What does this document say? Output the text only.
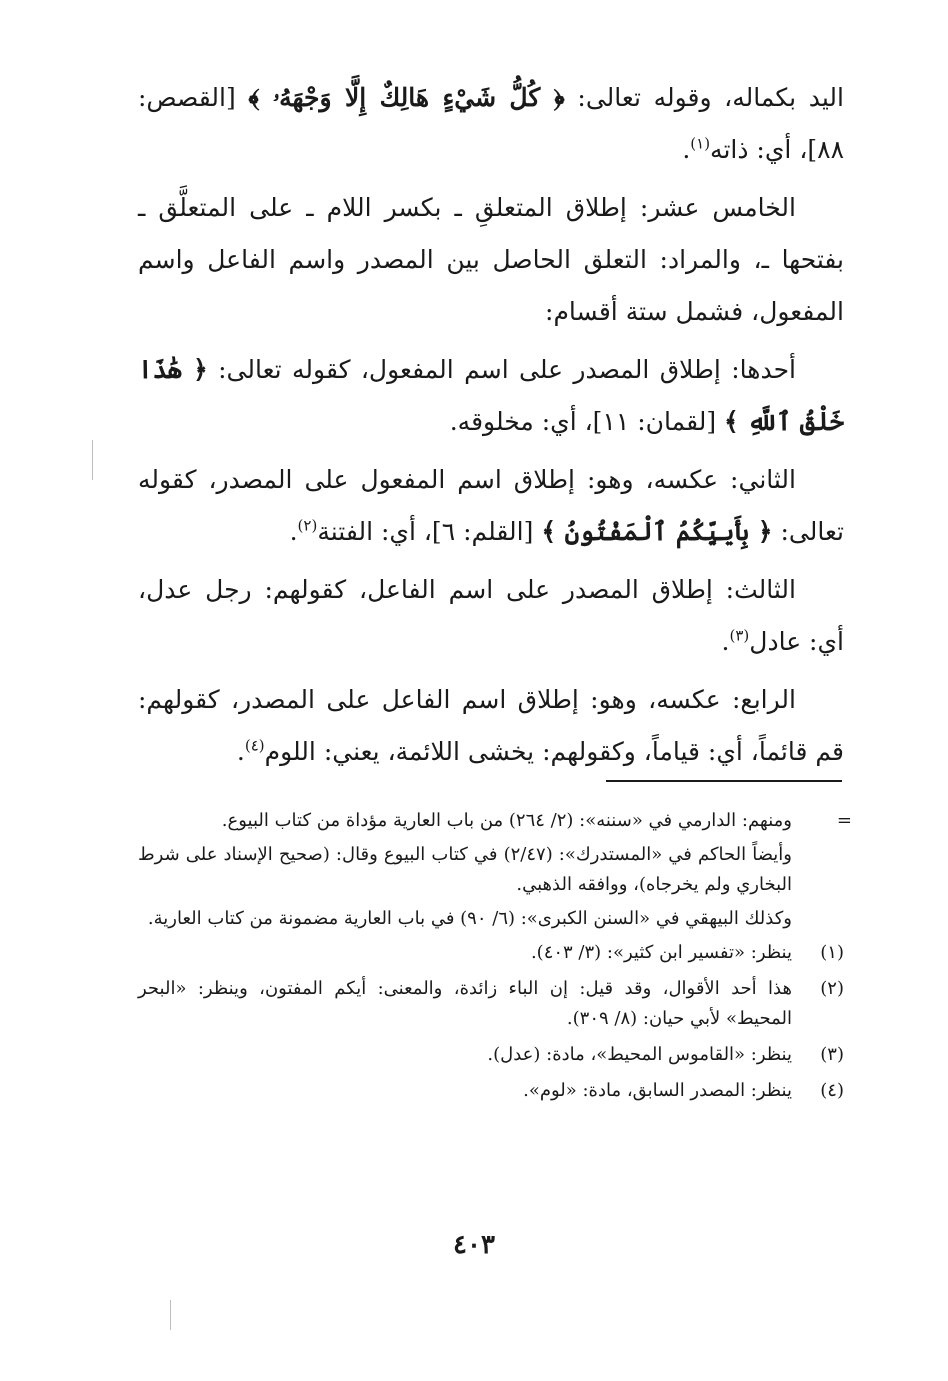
اليد بكماله، وقوله تعالى: ﴿ كُلُّ شَيْءٍ هَالِكٌ إِلَّا وَجْهَهُۥ ﴾ [القصص: ٨٨]، أي: ذاته$^{(١)}$.

الخامس عشر: إطلاق المتعلقِ ـ بكسر اللام ـ على المتعلَّق ـ بفتحها ـ، والمراد: التعلق الحاصل بين المصدر واسم الفاعل واسم المفعول، فشمل ستة أقسام:

أحدها: إطلاق المصدر على اسم المفعول، كقوله تعالى: ﴿ هَٰذَا خَلْقُ ٱللَّهِ ﴾ [لقمان: ١١]، أي: مخلوقه.

الثاني: عكسه، وهو: إطلاق اسم المفعول على المصدر، كقوله تعالى: ﴿ بِأَييِّكُمُ ٱلْمَفْتُونُ ﴾ [القلم: ٦]، أي: الفتنة$^{(٢)}$.

الثالث: إطلاق المصدر على اسم الفاعل، كقولهم: رجل عدل، أي: عادل$^{(٣)}$.

الرابع: عكسه، وهو: إطلاق اسم الفاعل على المصدر، كقولهم: قم قائماً، أي: قياماً، وكقولهم: يخشى اللائمة، يعني: اللوم$^{(٤)}$.

=

ومنهم: الدارمي في «سننه»: (٢/ ٢٦٤) من باب العارية مؤداة من كتاب البيوع.

وأيضاً الحاكم في «المستدرك»: (٢/٤٧) في كتاب البيوع وقال: (صحيح الإسناد على شرط البخاري ولم يخرجاه)، ووافقه الذهبي.

وكذلك البيهقي في «السنن الكبرى»: (٦/ ٩٠) في باب العارية مضمونة من كتاب العارية.

(١)
ينظر: «تفسير ابن كثير»: (٣/ ٤٠٣).
(٢)
هذا أحد الأقوال، وقد قيل: إن الباء زائدة، والمعنى: أيكم المفتون، وينظر: «البحر المحيط» لأبي حيان: (٨/ ٣٠٩).
(٣)
ينظر: «القاموس المحيط»، مادة: (عدل).
(٤)
ينظر: المصدر السابق، مادة: «لوم».
٤٠٣
